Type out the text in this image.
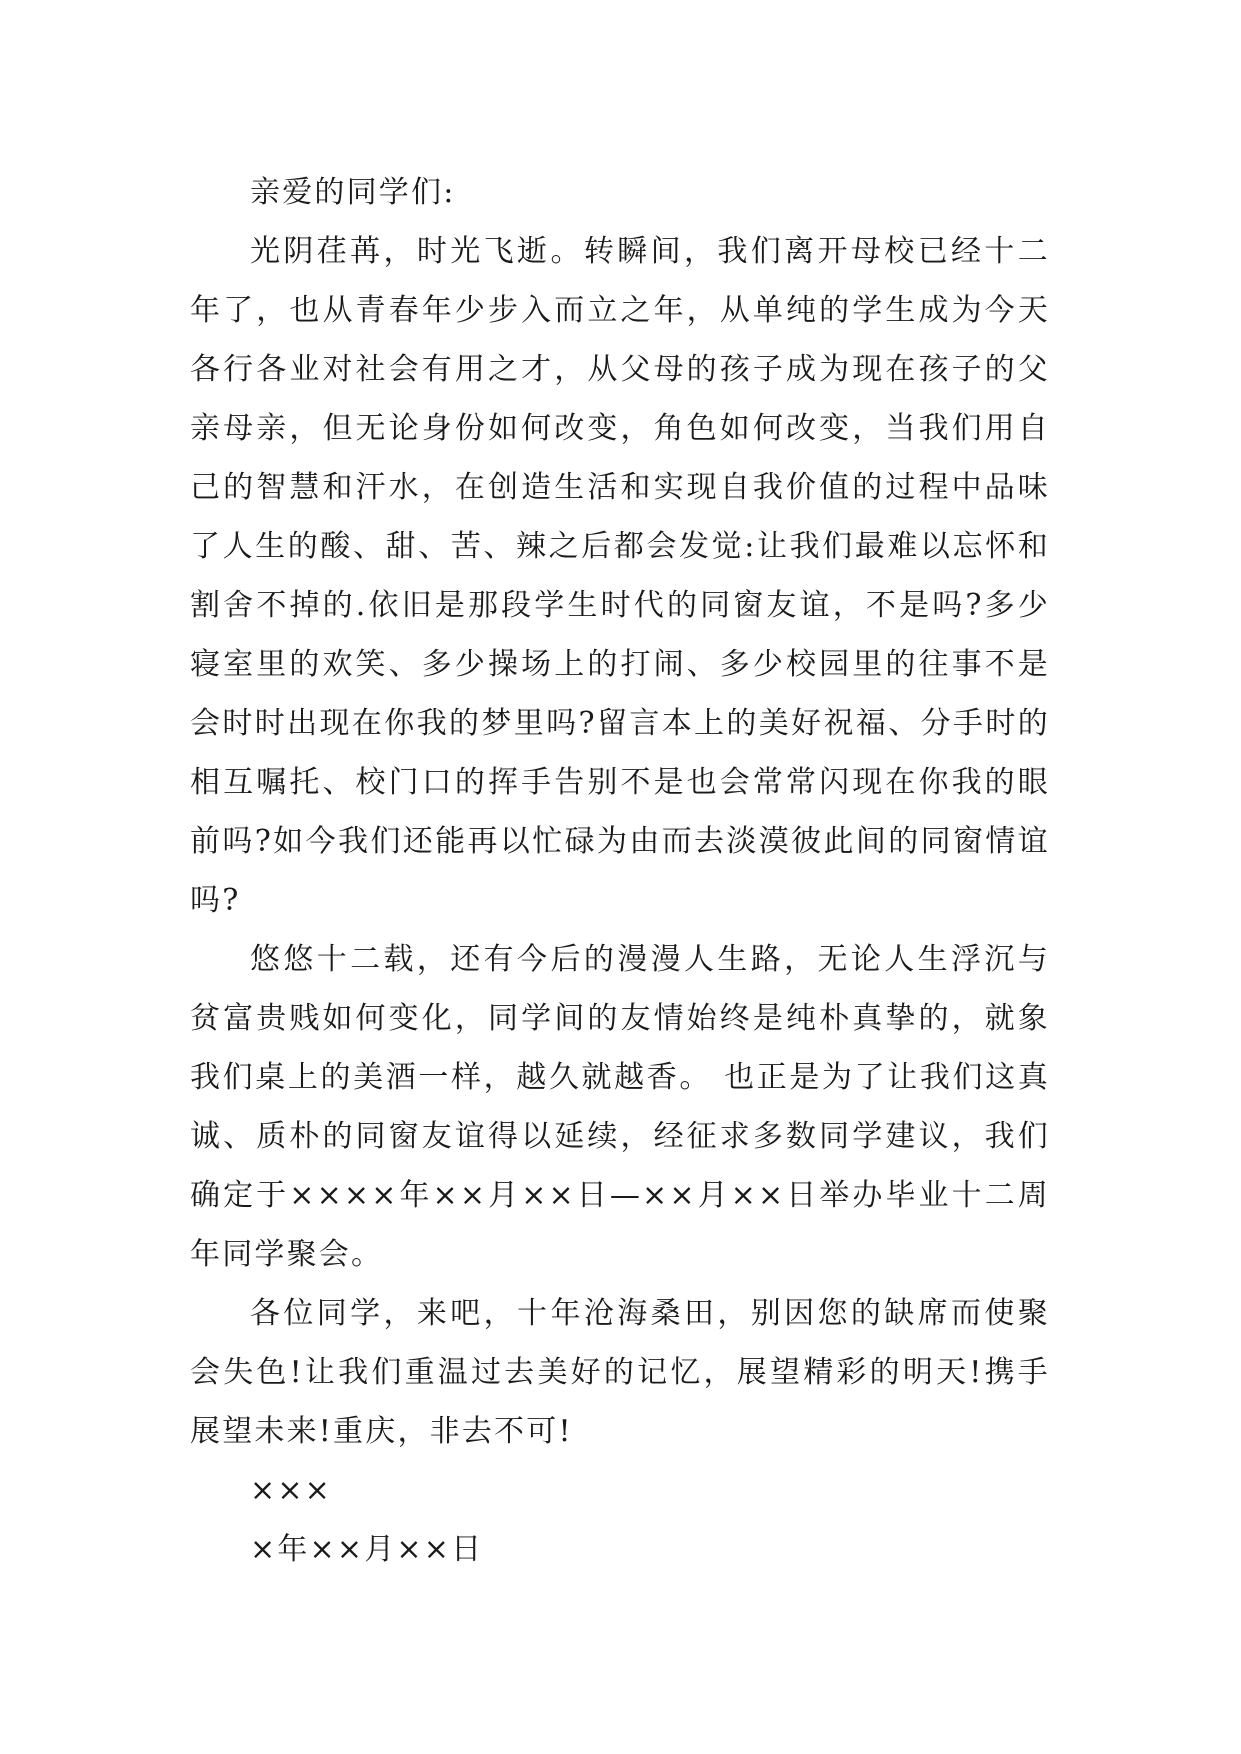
亲爱的同学们:

光阴荏苒，时光飞逝。转瞬间，我们离开母校已经十二年了，也从青春年少步入而立之年，从单纯的学生成为今天各行各业对社会有用之才，从父母的孩子成为现在孩子的父亲母亲，但无论身份如何改变，角色如何改变，当我们用自己的智慧和汗水，在创造生活和实现自我价值的过程中品味了人生的酸、甜、苦、辣之后都会发觉:让我们最难以忘怀和割舍不掉的.依旧是那段学生时代的同窗友谊，不是吗?多少寝室里的欢笑、多少操场上的打闹、多少校园里的往事不是会时时出现在你我的梦里吗?留言本上的美好祝福、分手时的相互嘱托、校门口的挥手告别不是也会常常闪现在你我的眼前吗?如今我们还能再以忙碌为由而去淡漠彼此间的同窗情谊吗?

悠悠十二载，还有今后的漫漫人生路，无论人生浮沉与贫富贵贱如何变化，同学间的友情始终是纯朴真挚的，就象我们桌上的美酒一样，越久就越香。 也正是为了让我们这真诚、质朴的同窗友谊得以延续，经征求多数同学建议，我们确定于××××年××月××日—××月××日举办毕业十二周年同学聚会。

各位同学，来吧，十年沧海桑田，别因您的缺席而使聚会失色!让我们重温过去美好的记忆，展望精彩的明天!携手展望未来!重庆，非去不可!

×××

×年××月××日
